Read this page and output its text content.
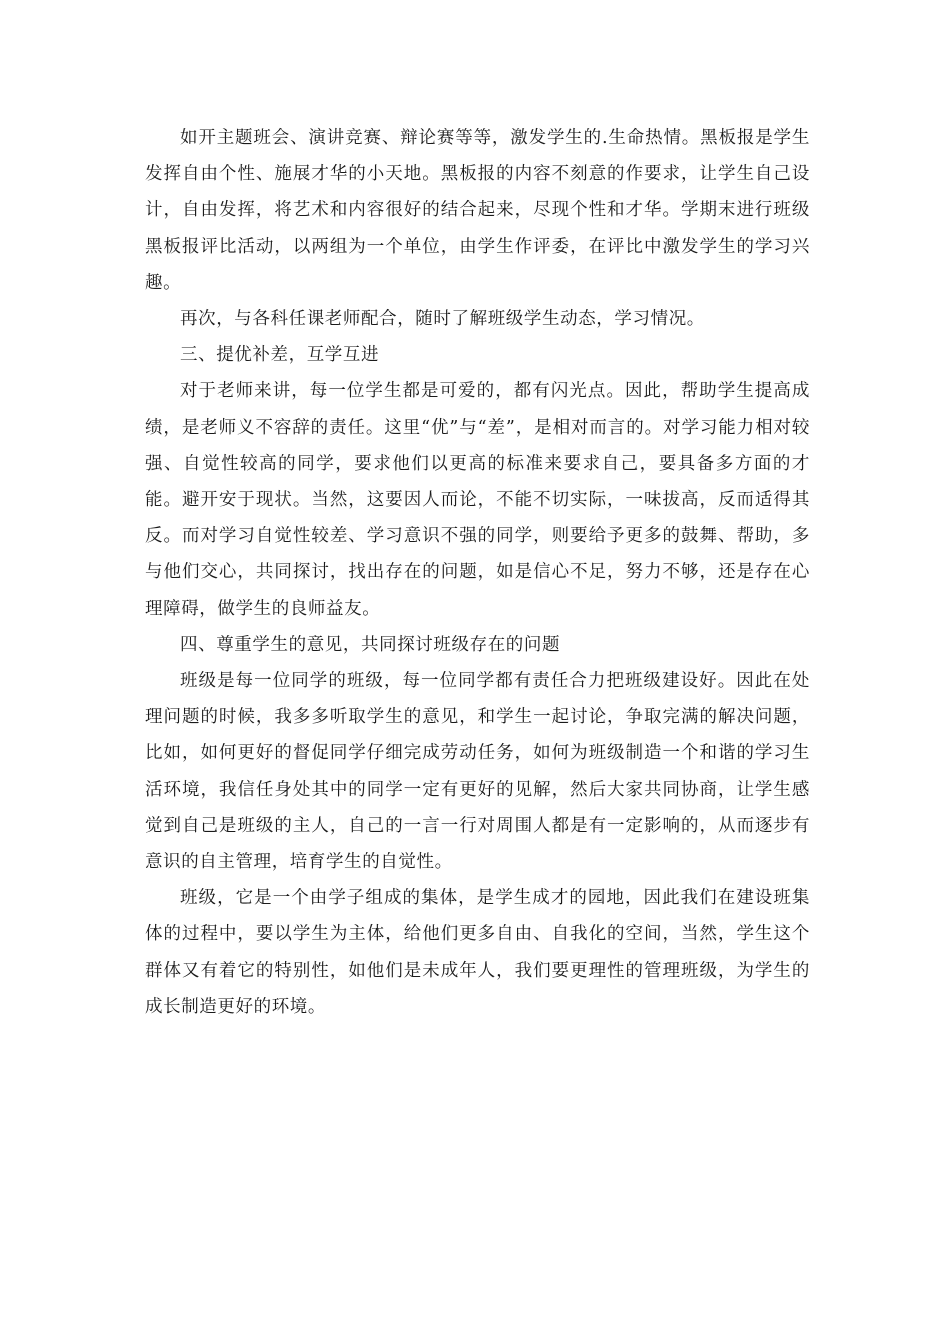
如开主题班会、演讲竞赛、辩论赛等等，激发学生的.生命热情。黑板报是学生发挥自由个性、施展才华的小天地。黑板报的内容不刻意的作要求，让学生自己设计，自由发挥，将艺术和内容很好的结合起来，尽现个性和才华。学期末进行班级黑板报评比活动，以两组为一个单位，由学生作评委，在评比中激发学生的学习兴趣。

再次，与各科任课老师配合，随时了解班级学生动态，学习情况。

三、提优补差，互学互进

对于老师来讲，每一位学生都是可爱的，都有闪光点。因此，帮助学生提高成绩，是老师义不容辞的责任。这里“优”与“差”，是相对而言的。对学习能力相对较强、自觉性较高的同学，要求他们以更高的标准来要求自己，要具备多方面的才能。避开安于现状。当然，这要因人而论，不能不切实际，一味拔高，反而适得其反。而对学习自觉性较差、学习意识不强的同学，则要给予更多的鼓舞、帮助，多与他们交心，共同探讨，找出存在的问题，如是信心不足，努力不够，还是存在心理障碍，做学生的良师益友。

四、尊重学生的意见，共同探讨班级存在的问题

班级是每一位同学的班级，每一位同学都有责任合力把班级建设好。因此在处理问题的时候，我多多听取学生的意见，和学生一起讨论，争取完满的解决问题，比如，如何更好的督促同学仔细完成劳动任务，如何为班级制造一个和谐的学习生活环境，我信任身处其中的同学一定有更好的见解，然后大家共同协商，让学生感觉到自己是班级的主人，自己的一言一行对周围人都是有一定影响的，从而逐步有意识的自主管理，培育学生的自觉性。

班级，它是一个由学子组成的集体，是学生成才的园地，因此我们在建设班集体的过程中，要以学生为主体，给他们更多自由、自我化的空间，当然，学生这个群体又有着它的特别性，如他们是未成年人，我们要更理性的管理班级，为学生的成长制造更好的环境。
